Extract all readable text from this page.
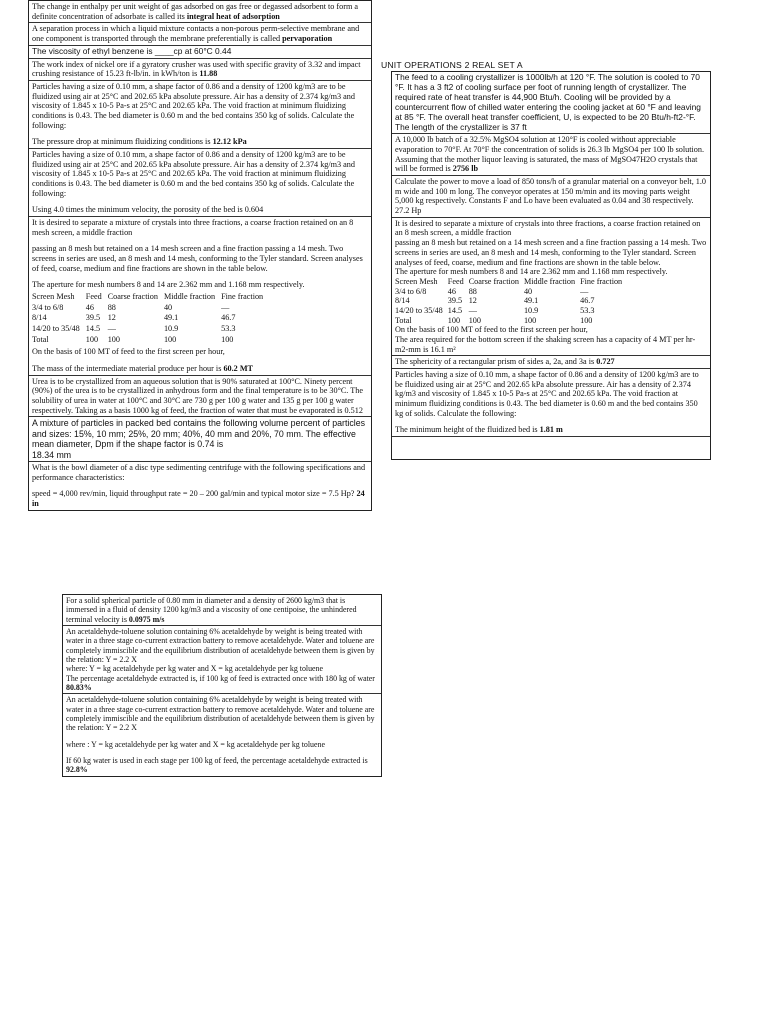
The change in enthalpy per unit weight of gas adsorbed on gas free or degassed adsorbent to form a definite concentration of adsorbate is called its integral heat of adsorption
A separation process in which a liquid mixture contacts a non-porous perm-selective membrane and one component is transported through the membrane preferentially is called pervaporation
The viscosity of ethyl benzene is ____cp at 60°C 0.44
The work index of nickel ore if a gyratory crusher was used with specific gravity of 3.32 and impact crushing resistance of 15.23 ft-lb/in. in kWh/ton is 11.88

Particles having a size of 0.10 mm, a shape factor of 0.86 and a density of 1200 kg/m3 are to be fluidized using air at 25°C and 202.65 kPa absolute pressure. Air has a density of 2.374 kg/m3 and viscosity of 1.845 x 10-5 Pa-s at 25°C and 202.65 kPa. The void fraction at minimum fluidizing conditions is 0.43. The bed diameter is 0.60 m and the bed contains 350 kg of solids. Calculate the following:

The pressure drop at minimum fluidizing conditions is 12.12 kPa

Particles having a size of 0.10 mm, a shape factor of 0.86 and a density of 1200 kg/m3 are to be fluidized using air at 25°C and 202.65 kPa absolute pressure. Air has a density of 2.374 kg/m3 and viscosity of 1.845 x 10-5 Pa-s at 25°C and 202.65 kPa. The void fraction at minimum fluidizing conditions is 0.43. The bed diameter is 0.60 m and the bed contains 350 kg of solids. Calculate the following:

Using 4.0 times the minimum velocity, the porosity of the bed is 0.604

It is desired to separate a mixture of crystals into three fractions, a coarse fraction retained on an 8 mesh screen, a middle fraction

passing an 8 mesh but retained on a 14 mesh screen and a fine fraction passing a 14 mesh. Two screens in series are used, an 8 mesh and 14 mesh, conforming to the Tyler standard. Screen analyses of feed, coarse, medium and fine fractions are shown in the table below.

The aperture for mesh numbers 8 and 14 are 2.362 mm and 1.168 mm respectively.

Screen Mesh	Feed	Coarse fraction	Middle fraction	Fine fraction
3/4 to 6/8	46	88	40	—
8/14	39.5	12	49.1	46.7
14/20 to 35/48	14.5	—	10.9	53.3
Total	100	100	100	100

On the basis of 100 MT of feed to the first screen per hour,

The mass of the intermediate material produce per hour is 60.2 MT

Urea is to be crystallized from an aqueous solution that is 90% saturated at 100°C. Ninety percent (90%) of the urea is to be crystallized in anhydrous form and the final temperature is to be 30°C. The solubility of urea in water at 100°C and 30°C are 730 g per 100 g water and 135 g per 100 g water respectively. Taking as a basis 1000 kg of feed, the fraction of water that must be evaporated is 0.512
A mixture of particles in packed bed contains the following volume percent of particles and sizes: 15%, 10 mm; 25%, 20 mm; 40%, 40 mm and 20%, 70 mm. The effective mean diameter, Dpm if the shape factor is 0.74 is
18.34 mm

What is the bowl diameter of a disc type sedimenting centrifuge with the following specifications and performance characteristics:

speed = 4,000 rev/min, liquid throughput rate = 20 – 200 gal/min and typical motor size = 7.5 Hp? 24 in

UNIT OPERATIONS 2 REAL SET A
The feed to a cooling crystallizer is 1000lb/h at 120 °F. The solution is cooled to 70 °F. It has a 3 ft2 of cooling surface per foot of running length of crystallizer. The required rate of heat transfer is 44,900 Btu/h. Cooling will be provided by a countercurrent flow of chilled water entering the cooling jacket at 60 °F and leaving at 85 °F. The overall heat transfer coefficient, U, is expected to be 20 Btu/h-ft2-°F. The length of the crystallizer is 37 ft
A 10,000 lb batch of a 32.5% MgSO4 solution at 120°F is cooled without appreciable evaporation to 70°F. At 70°F the concentration of solids is 26.3 lb MgSO4 per 100 lb solution. Assuming that the mother liquor leaving is saturated, the mass of MgSO47H2O crystals that will be formed is 2756 lb
Calculate the power to move a load of 850 tons/h of a granular material on a conveyor belt, 1.0 m wide and 100 m long. The conveyor operates at 150 m/min and its moving parts weight 5,000 kg respectively. Constants F and Lo have been evaluated as 0.04 and 38 respectively. 27.2 Hp

It is desired to separate a mixture of crystals into three fractions, a coarse fraction retained on an 8 mesh screen, a middle fraction

passing an 8 mesh but retained on a 14 mesh screen and a fine fraction passing a 14 mesh. Two screens in series are used, an 8 mesh and 14 mesh, conforming to the Tyler standard. Screen analyses of feed, coarse, medium and fine fractions are shown in the table below.

The aperture for mesh numbers 8 and 14 are 2.362 mm and 1.168 mm respectively.

Screen Mesh	Feed	Coarse fraction	Middle fraction	Fine fraction
3/4 to 6/8	46	88	40	—
8/14	39.5	12	49.1	46.7
14/20 to 35/48	14.5	—	10.9	53.3
Total	100	100	100	100

On the basis of 100 MT of feed to the first screen per hour,

The area required for the bottom screen if the shaking screen has a capacity of 4 MT per hr-m2-mm is 16.1 m²

The sphericity of a rectangular prism of sides a, 2a, and 3a is 0.727

Particles having a size of 0.10 mm, a shape factor of 0.86 and a density of 1200 kg/m3 are to be fluidized using air at 25°C and 202.65 kPa absolute pressure. Air has a density of 2.374 kg/m3 and viscosity of 1.845 x 10-5 Pa-s at 25°C and 202.65 kPa. The void fraction at minimum fluidizing conditions is 0.43. The bed diameter is 0.60 m and the bed contains 350 kg of solids. Calculate the following:

The minimum height of the fluidized bed is 1.81 m

For a solid spherical particle of 0.80 mm in diameter and a density of 2600 kg/m3 that is immersed in a fluid of density 1200 kg/m3 and a viscosity of one centipoise, the unhindered terminal velocity is 0.0975 m/s

An acetaldehyde-toluene solution containing 6% acetaldehyde by weight is being treated with water in a three stage co-current extraction battery to remove acetaldehyde. Water and toluene are completely immiscible and the equilibrium distribution of acetaldehyde between them is given by the relation: Y = 2.2 X

where: Y = kg acetaldehyde per kg water and X = kg acetaldehyde per kg toluene

The percentage acetaldehyde extracted is, if 100 kg of feed is extracted once with 180 kg of water 80.83%

An acetaldehyde-toluene solution containing 6% acetaldehyde by weight is being treated with water in a three stage co-current extraction battery to remove acetaldehyde. Water and toluene are completely immiscible and the equilibrium distribution of acetaldehyde between them is given by the relation: Y = 2.2 X

where : Y = kg acetaldehyde per kg water and X = kg acetaldehyde per kg toluene

If 60 kg water is used in each stage per 100 kg of feed, the percentage acetaldehyde extracted is

92.8%
